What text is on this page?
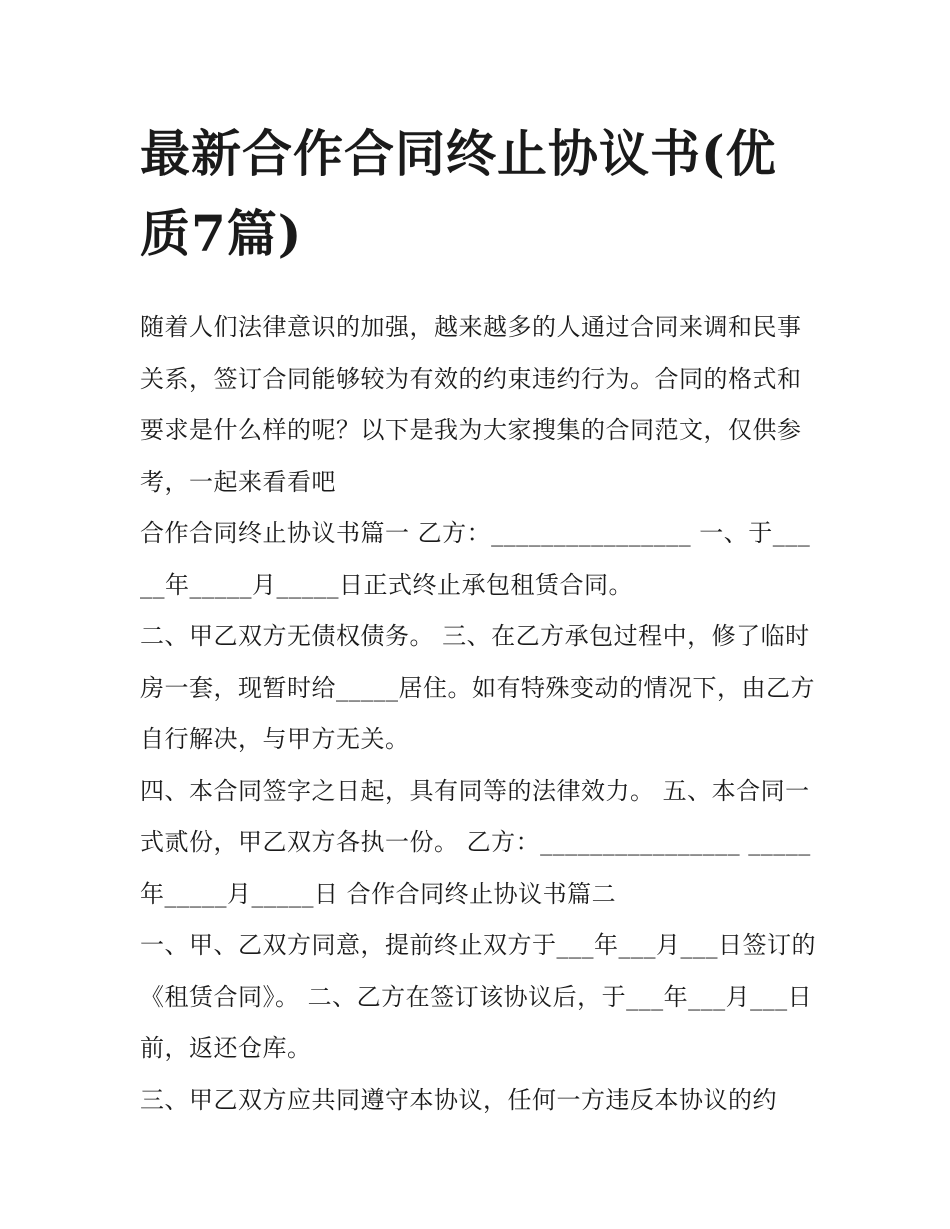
最新合作合同终止协议书(优质7篇)

随着人们法律意识的加强，越来越多的人通过合同来调和民事关系，签订合同能够较为有效的约束违约行为。合同的格式和要求是什么样的呢？以下是我为大家搜集的合同范文，仅供参考，一起来看看吧

合作合同终止协议书篇一 乙方：________________ 一、于_____年_____月_____日正式终止承包租赁合同。

二、甲乙双方无债权债务。 三、在乙方承包过程中，修了临时房一套，现暂时给_____居住。如有特殊变动的情况下，由乙方自行解决，与甲方无关。

四、本合同签字之日起，具有同等的法律效力。 五、本合同一式贰份，甲乙双方各执一份。 乙方：________________ _____年_____月_____日 合作合同终止协议书篇二

一、甲、乙双方同意，提前终止双方于___年___月___日签订的《租赁合同》。 二、乙方在签订该协议后，于___年___月___日前，返还仓库。

三、甲乙双方应共同遵守本协议，任何一方违反本协议的约
